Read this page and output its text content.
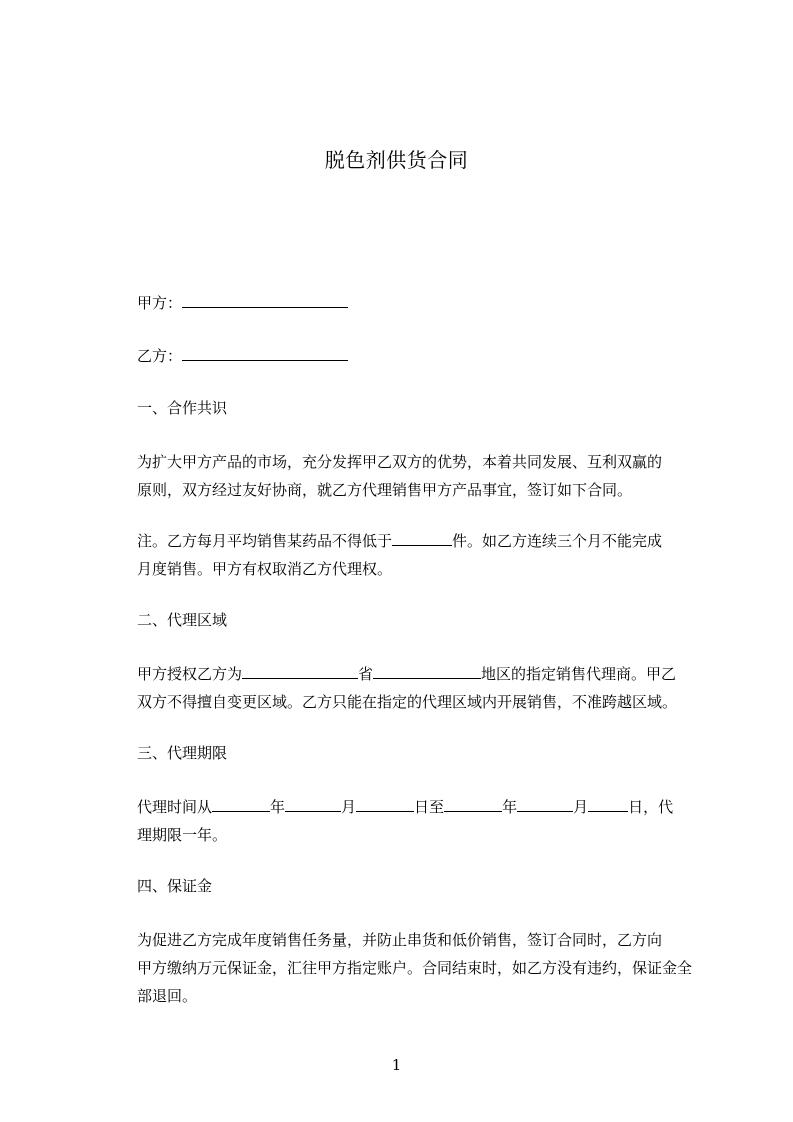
脱色剂供货合同
甲方：
乙方：
一、合作共识
为扩大甲方产品的市场，充分发挥甲乙双方的优势，本着共同发展、互利双赢的
原则，双方经过友好协商，就乙方代理销售甲方产品事宜，签订如下合同。
注。乙方每月平均销售某药品不得低于	件。如乙方连续三个月不能完成
月度销售。甲方有权取消乙方代理权。
二、代理区域
甲方授权乙方为	省	地区的指定销售代理商。甲乙
双方不得擅自变更区域。乙方只能在指定的代理区域内开展销售，不准跨越区域。
三、代理期限
代理时间从	年	月	日至	年	月	日，代
理期限一年。
四、保证金
为促进乙方完成年度销售任务量，并防止串货和低价销售，签订合同时，乙方向
甲方缴纳万元保证金，汇往甲方指定账户。合同结束时，如乙方没有违约，保证金全
部退回。
1
